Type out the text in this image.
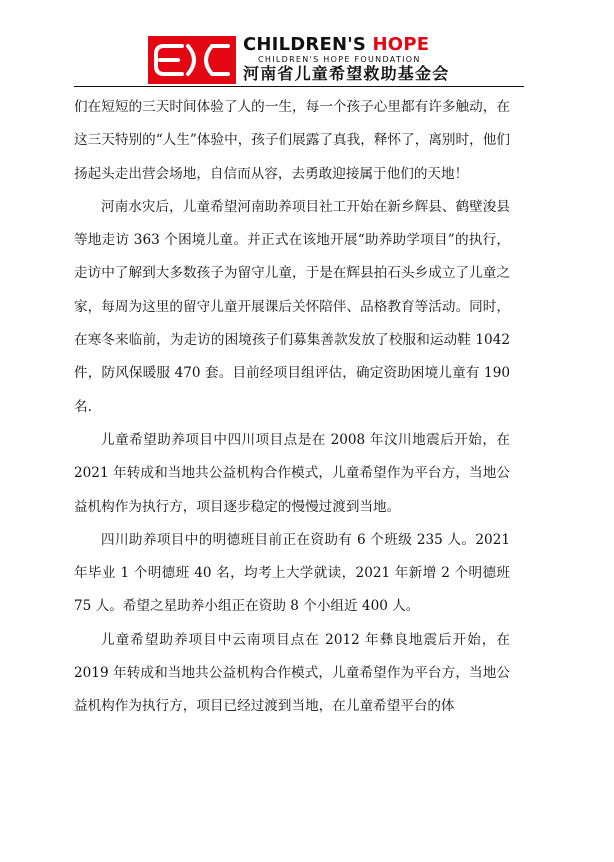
CHILDREN'S HOPE
CHILDREN'S HOPE FOUNDATION
河南省儿童希望救助基金会

们在短短的三天时间体验了人的一生，每一个孩子心里都有许多触动，在这三天特别的“人生”体验中，孩子们展露了真我，释怀了，离别时，他们扬起头走出营会场地，自信而从容，去勇敢迎接属于他们的天地！

河南水灾后，儿童希望河南助养项目社工开始在新乡辉县、鹤壁浚县等地走访 363 个困境儿童。并正式在该地开展“助养助学项目”的执行，走访中了解到大多数孩子为留守儿童，于是在辉县拍石头乡成立了儿童之家，每周为这里的留守儿童开展课后关怀陪伴、品格教育等活动。同时，在寒冬来临前，为走访的困境孩子们募集善款发放了校服和运动鞋 1042 件，防风保暖服 470 套。目前经项目组评估，确定资助困境儿童有 190 名.

儿童希望助养项目中四川项目点是在 2008 年汶川地震后开始，在 2021 年转成和当地共公益机构合作模式，儿童希望作为平台方，当地公益机构作为执行方，项目逐步稳定的慢慢过渡到当地。

四川助养项目中的明德班目前正在资助有 6 个班级 235 人。2021 年毕业 1 个明德班 40 名，均考上大学就读，2021 年新增 2 个明德班 75 人。希望之星助养小组正在资助 8 个小组近 400 人。

儿童希望助养项目中云南项目点在 2012 年彝良地震后开始，在 2019 年转成和当地共公益机构合作模式，儿童希望作为平台方，当地公益机构作为执行方，项目已经过渡到当地，在儿童希望平台的体
